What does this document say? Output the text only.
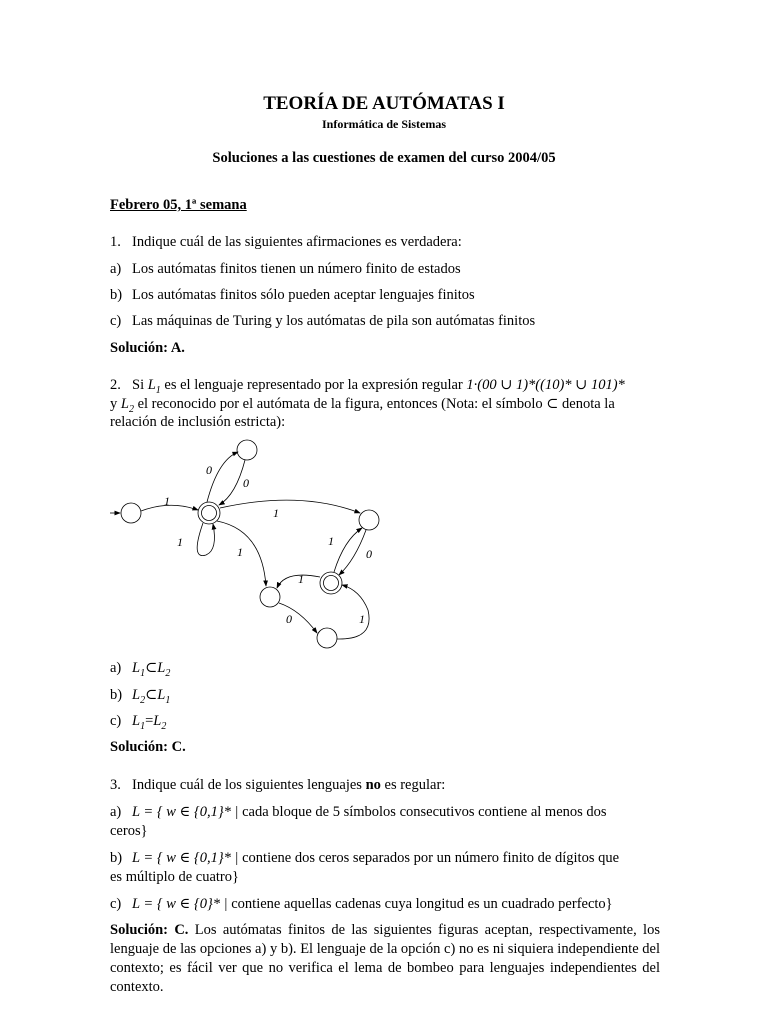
TEORÍA DE AUTÓMATAS I
Informática de Sistemas
Soluciones a las cuestiones de examen del curso 2004/05
Febrero 05, 1ª semana
1. Indique cuál de las siguientes afirmaciones es verdadera:
a) Los autómatas finitos tienen un número finito de estados
b) Los autómatas finitos sólo pueden aceptar lenguajes finitos
c) Las máquinas de Turing y los autómatas de pila son autómatas finitos
Solución: A.
2. Si $L_1$ es el lenguaje representado por la expresión regular 1·(00 ∪ 1)*((10)* ∪ 101)*
y $L_2$ el reconocido por el autómata de la figura, entonces (Nota: el símbolo ⊂ denota la
relación de inclusión estricta):
1
0
0
1
1
1
1
0
1
0	1
a) $L_1\subset L_2$
b) $L_2\subset L_1$
c) $L_1=L_2$
Solución: C.
3. Indique cuál de los siguientes lenguajes no es regular:
a) L = { w ∈ {0,1}* | cada bloque de 5 símbolos consecutivos contiene al menos dos
ceros}
b) L = { w ∈ {0,1}* | contiene dos ceros separados por un número finito de dígitos que
es múltiplo de cuatro}
c) L = { w ∈ {0}* | contiene aquellas cadenas cuya longitud es un cuadrado perfecto}
Solución: C. Los autómatas finitos de las siguientes figuras aceptan, respectivamente, los lenguaje de las opciones a) y b). El lenguaje de la opción c) no es ni siquiera independiente del contexto; es fácil ver que no verifica el lema de bombeo para lenguajes independientes del contexto.
